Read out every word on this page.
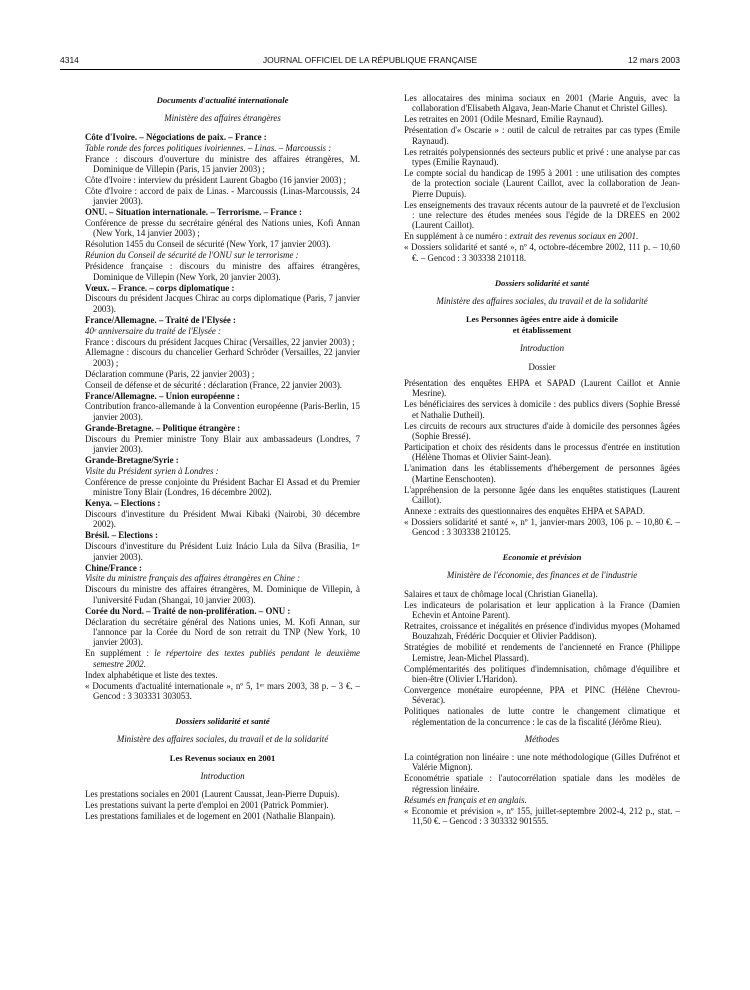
4314	JOURNAL OFFICIEL DE LA RÉPUBLIQUE FRANÇAISE	12 mars 2003
Documents d'actualité internationale
Ministère des affaires étrangères
Côte d'Ivoire. – Négociations de paix. – France :
Table ronde des forces politiques ivoiriennes. – Linas. – Marcoussis :
France : discours d'ouverture du ministre des affaires étrangères, M. Dominique de Villepin (Paris, 15 janvier 2003) ;
Côte d'Ivoire : interview du président Laurent Gbagbo (16 janvier 2003) ;
Côte d'Ivoire : accord de paix de Linas. - Marcoussis (Linas-Marcoussis, 24 janvier 2003).
ONU. – Situation internationale. – Terrorisme. – France :
Conférence de presse du secrétaire général des Nations unies, Kofi Annan (New York, 14 janvier 2003) ;
Résolution 1455 du Conseil de sécurité (New York, 17 janvier 2003).
Réunion du Conseil de sécurité de l'ONU sur le terrorisme :
Présidence française : discours du ministre des affaires étrangères, Dominique de Villepin (New York, 20 janvier 2003).
Vœux. – France. – corps diplomatique :
Discours du président Jacques Chirac au corps diplomatique (Paris, 7 janvier 2003).
France/Allemagne. – Traité de l'Elysée :
40ᵉ anniversaire du traité de l'Elysée :
France : discours du président Jacques Chirac (Versailles, 22 janvier 2003) ;
Allemagne : discours du chancelier Gerhard Schröder (Versailles, 22 janvier 2003) ;
Déclaration commune (Paris, 22 janvier 2003) ;
Conseil de défense et de sécurité : déclaration (France, 22 janvier 2003).
France/Allemagne. – Union européenne :
Contribution franco-allemande à la Convention européenne (Paris-Berlin, 15 janvier 2003).
Grande-Bretagne. – Politique étrangère :
Discours du Premier ministre Tony Blair aux ambassadeurs (Londres, 7 janvier 2003).
Grande-Bretagne/Syrie :
Visite du Président syrien à Londres :
Conférence de presse conjointe du Président Bachar El Assad et du Premier ministre Tony Blair (Londres, 16 décembre 2002).
Kenya. – Elections :
Discours d'investiture du Président Mwai Kibaki (Nairobi, 30 décembre 2002).
Brésil. – Elections :
Discours d'investiture du Président Luiz Inácio Lula da Silva (Brasilia, 1ᵉʳ janvier 2003).
Chine/France :
Visite du ministre français des affaires étrangères en Chine :
Discours du ministre des affaires étrangères, M. Dominique de Villepin, à l'université Fudan (Shangai, 10 janvier 2003).
Corée du Nord. – Traité de non-prolifération. – ONU :
Déclaration du secrétaire général des Nations unies, M. Kofi Annan, sur l'annonce par la Corée du Nord de son retrait du TNP (New York, 10 janvier 2003).
En supplément : le répertoire des textes publiés pendant le deuxième semestre 2002.
Index alphabétique et liste des textes.
« Documents d'actualité internationale », nº 5, 1ᵉʳ mars 2003, 38 p. – 3 €. – Gencod : 3 303331 303053.
Dossiers solidarité et santé
Ministère des affaires sociales, du travail et de la solidarité
Les Revenus sociaux en 2001
Introduction
Les prestations sociales en 2001 (Laurent Caussat, Jean-Pierre Dupuis).
Les prestations suivant la perte d'emploi en 2001 (Patrick Pommier).
Les prestations familiales et de logement en 2001 (Nathalie Blanpain).
Les allocataires des minima sociaux en 2001 (Marie Anguis, avec la collaboration d'Elisabeth Algava, Jean-Marie Chanut et Christel Gilles).
Les retraites en 2001 (Odile Mesnard, Emilie Raynaud).
Présentation d'« Oscarie » : outil de calcul de retraites par cas types (Emile Raynaud).
Les retraités polypensionnés des secteurs public et privé : une analyse par cas types (Emilie Raynaud).
Le compte social du handicap de 1995 à 2001 : une utilisation des comptes de la protection sociale (Laurent Caillot, avec la collaboration de Jean-Pierre Dupuis).
Les enseignements des travaux récents autour de la pauvreté et de l'exclusion : une relecture des études menées sous l'égide de la DREES en 2002 (Laurent Caillot).
En supplément à ce numéro : extrait des revenus sociaux en 2001.
« Dossiers solidarité et santé », nº 4, octobre-décembre 2002, 111 p. – 10,60 €. – Gencod : 3 303338 210118.
Dossiers solidarité et santé
Ministère des affaires sociales, du travail et de la solidarité
Les Personnes âgées entre aide à domicile
et établissement
Introduction
Dossier
Présentation des enquêtes EHPA et SAPAD (Laurent Caillot et Annie Mesrine).
Les bénéficiaires des services à domicile : des publics divers (Sophie Bressé et Nathalie Dutheil).
Les circuits de recours aux structures d'aide à domicile des personnes âgées (Sophie Bressé).
Participation et choix des résidents dans le processus d'entrée en institution (Hélène Thomas et Olivier Saint-Jean).
L'animation dans les établissements d'hébergement de personnes âgées (Martine Eenschooten).
L'appréhension de la personne âgée dans les enquêtes statistiques (Laurent Caillot).
Annexe : extraits des questionnaires des enquêtes EHPA et SAPAD.
« Dossiers solidarité et santé », nº 1, janvier-mars 2003, 106 p. – 10,80 €. – Gencod : 3 303338 210125.
Economie et prévision
Ministère de l'économie, des finances et de l'industrie
Salaires et taux de chômage local (Christian Gianella).
Les indicateurs de polarisation et leur application à la France (Damien Echevin et Antoine Parent).
Retraites, croissance et inégalités en présence d'individus myopes (Mohamed Bouzahzah, Frédéric Docquier et Olivier Paddison).
Stratégies de mobilité et rendements de l'ancienneté en France (Philippe Lemistre, Jean-Michel Plassard).
Complémentarités des politiques d'indemnisation, chômage d'équilibre et bien-être (Olivier L'Haridon).
Convergence monétaire européenne, PPA et PINC (Hélène Chevrou-Séverac).
Politiques nationales de lutte contre le changement climatique et réglementation de la concurrence : le cas de la fiscalité (Jérôme Rieu).
Méthodes
La cointégration non linéaire : une note méthodologique (Gilles Dufrénot et Valérie Mignon).
Econométrie spatiale : l'autocorrélation spatiale dans les modèles de régression linéaire.
Résumés en français et en anglais.
« Economie et prévision », nº 155, juillet-septembre 2002-4, 212 p., stat. – 11,50 €. – Gencod : 3 303332 901555.
